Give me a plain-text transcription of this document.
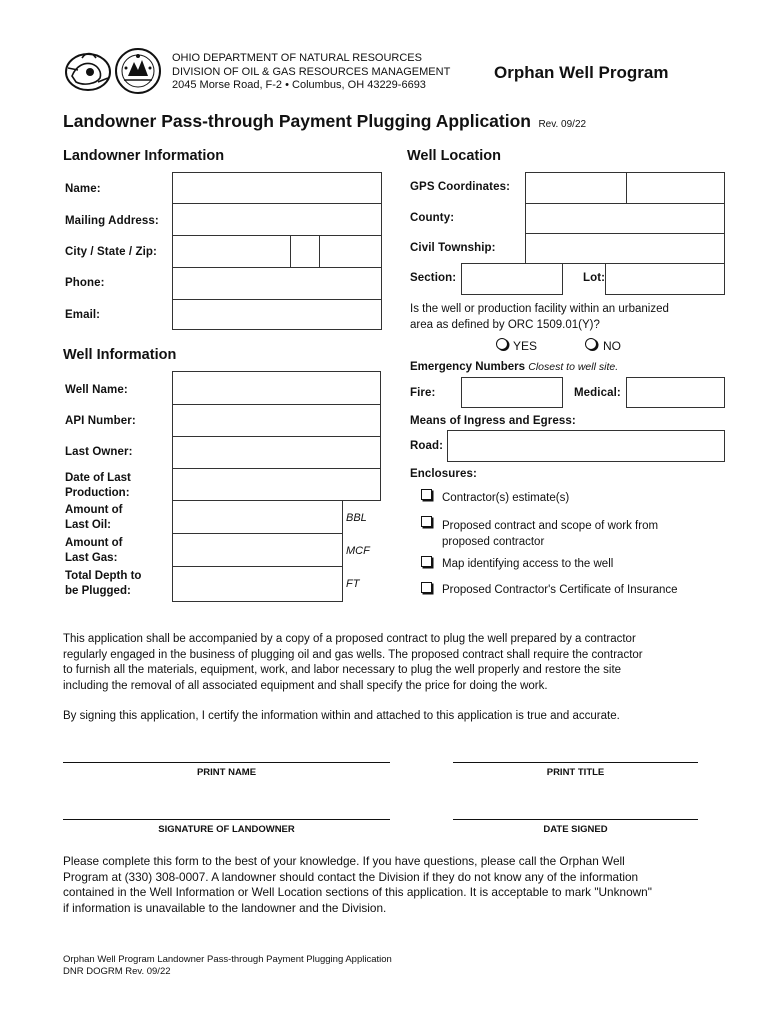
OHIO DEPARTMENT OF NATURAL RESOURCES
DIVISION OF OIL & GAS RESOURCES MANAGEMENT
2045 Morse Road, F-2 • Columbus, OH 43229-6693
Orphan Well Program
Landowner Pass-through Payment Plugging Application Rev. 09/22
Landowner Information
Name:
Mailing Address:
City / State / Zip:
Phone:
Email:
Well Information
Well Name:
API Number:
Last Owner:
Date of Last
Production:
Amount of
Last Oil:
BBL
Amount of
Last Gas:
MCF
Total Depth to
be Plugged:
FT
Well Location
GPS Coordinates:
County:
Civil Township:
Section:	Lot:
Is the well or production facility within an urbanized
area as defined by ORC 1509.01(Y)?
YES	NO
Emergency Numbers Closest to well site.
Fire:	Medical:
Means of Ingress and Egress:
Road:
Enclosures:
Contractor(s) estimate(s)
Proposed contract and scope of work from
proposed contractor
Map identifying access to the well
Proposed Contractor's Certificate of Insurance
This application shall be accompanied by a copy of a proposed contract to plug the well prepared by a contractor
regularly engaged in the business of plugging oil and gas wells. The proposed contract shall require the contractor
to furnish all the materials, equipment, work, and labor necessary to plug the well properly and restore the site
including the removal of all associated equipment and shall specify the price for doing the work.
By signing this application, I certify the information within and attached to this application is true and accurate.
PRINT NAME	PRINT TITLE
SIGNATURE OF LANDOWNER	DATE SIGNED
Please complete this form to the best of your knowledge. If you have questions, please call the Orphan Well
Program at (330) 308-0007. A landowner should contact the Division if they do not know any of the information
contained in the Well Information or Well Location sections of this application. It is acceptable to mark "Unknown"
if information is unavailable to the landowner and the Division.
Orphan Well Program Landowner Pass-through Payment Plugging Application
DNR DOGRM Rev. 09/22
